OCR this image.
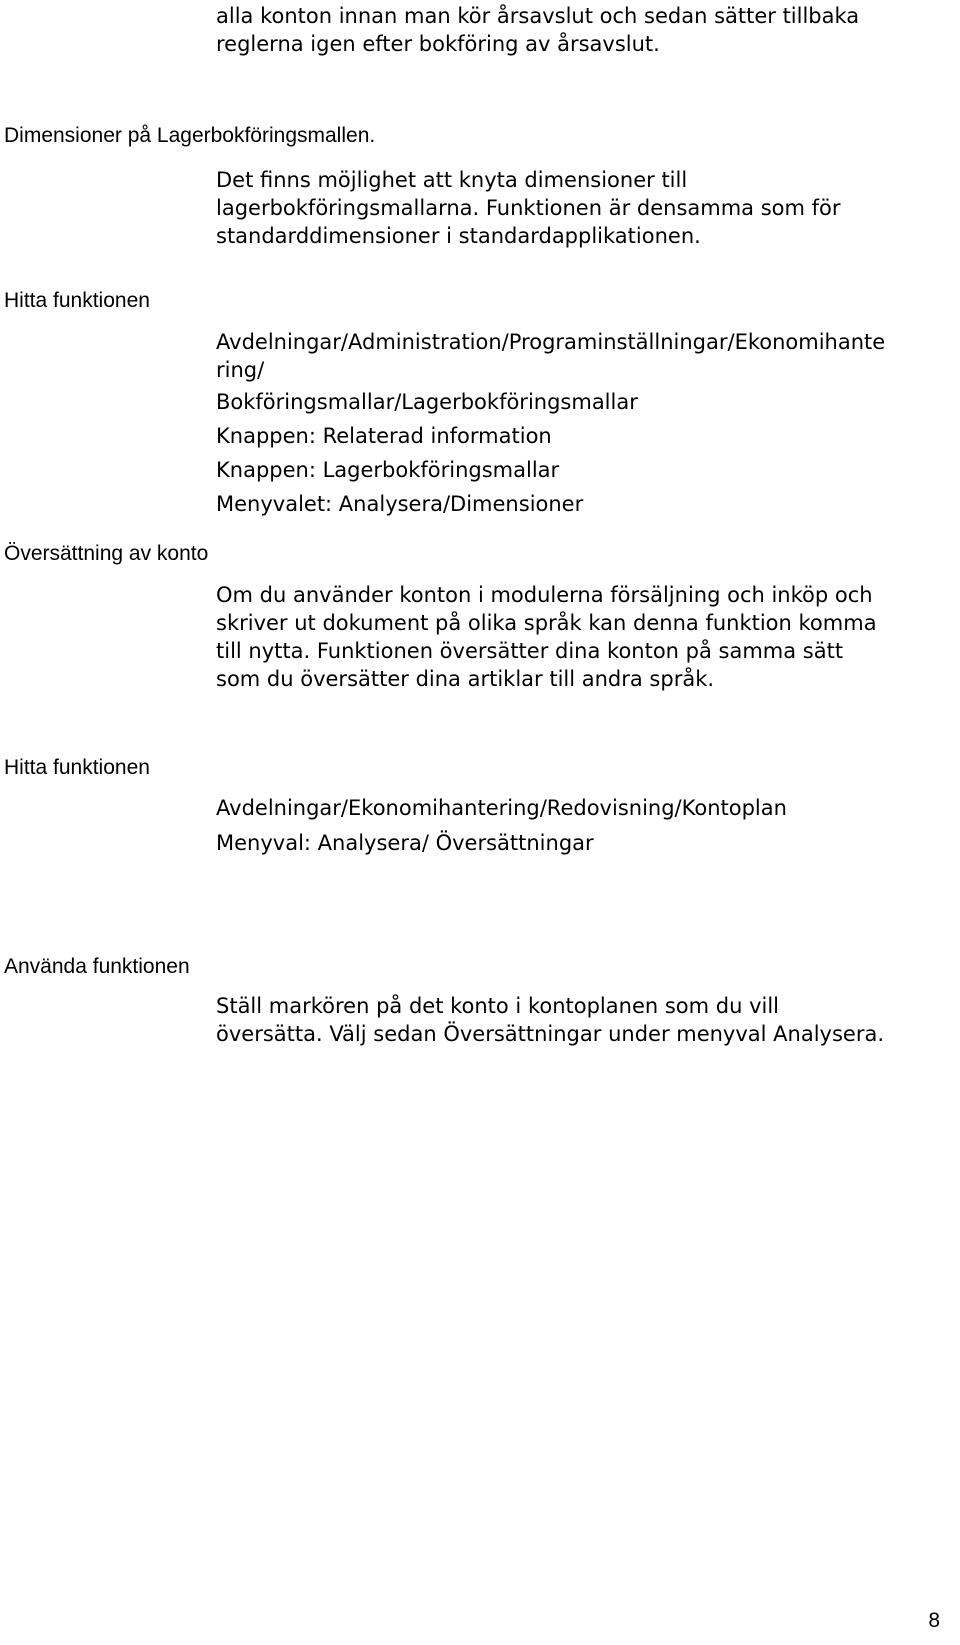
alla konton innan man kör årsavslut och sedan sätter tillbaka
reglerna igen efter bokföring av årsavslut.

Dimensioner på Lagerbokföringsmallen.

Det finns möjlighet att knyta dimensioner till
lagerbokföringsmallarna. Funktionen är densamma som för
standarddimensioner i standardapplikationen.

Hitta funktionen

Avdelningar/Administration/Programinställningar/Ekonomihante
ring/

Bokföringsmallar/Lagerbokföringsmallar

Knappen: Relaterad information

Knappen: Lagerbokföringsmallar

Menyvalet: Analysera/Dimensioner

Översättning av konto

Om du använder konton i modulerna försäljning och inköp och
skriver ut dokument på olika språk kan denna funktion komma
till nytta. Funktionen översätter dina konton på samma sätt
som du översätter dina artiklar till andra språk.

Hitta funktionen

Avdelningar/Ekonomihantering/Redovisning/Kontoplan

Menyval: Analysera/ Översättningar

Använda funktionen

Ställ markören på det konto i kontoplanen som du vill
översätta. Välj sedan Översättningar under menyval Analysera.

8
